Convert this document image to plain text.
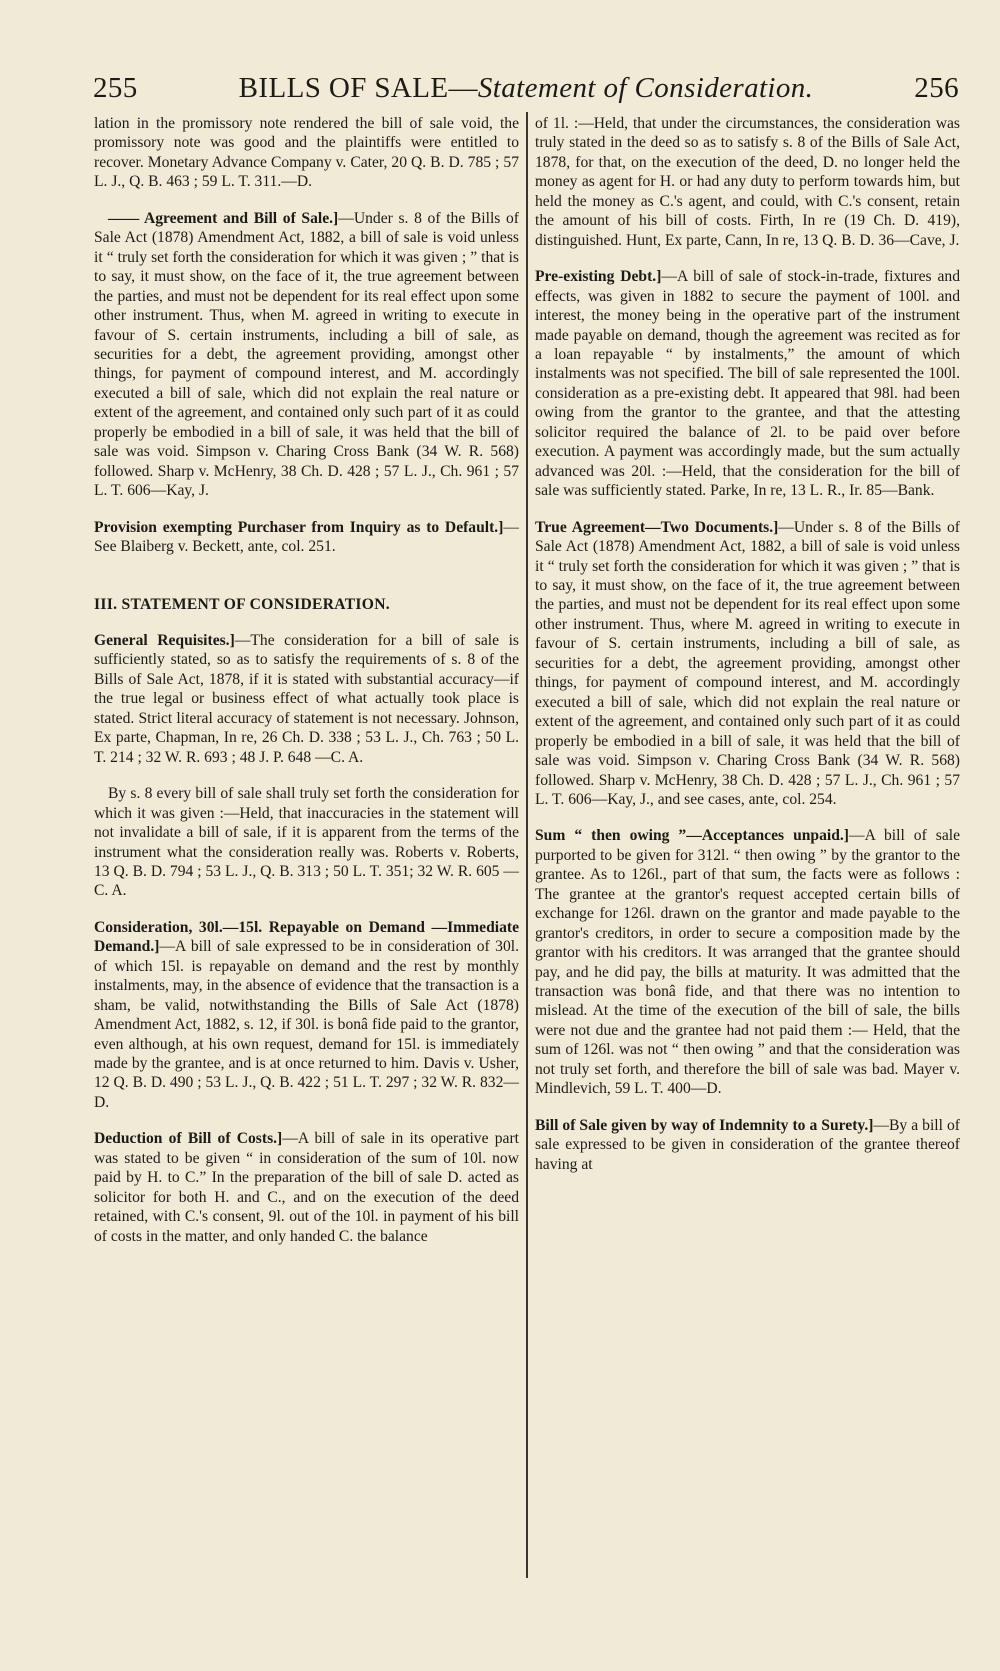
255	BILLS OF SALE—Statement of Consideration.	256

lation in the promissory note rendered the bill of sale void, the promissory note was good and the plaintiffs were entitled to recover. Monetary Advance Company v. Cater, 20 Q. B. D. 785 ; 57 L. J., Q. B. 463 ; 59 L. T. 311.—D.

—— Agreement and Bill of Sale.]—Under s. 8 of the Bills of Sale Act (1878) Amendment Act, 1882, a bill of sale is void unless it “ truly set forth the consideration for which it was given ; ” that is to say, it must show, on the face of it, the true agreement between the parties, and must not be dependent for its real effect upon some other instrument. Thus, when M. agreed in writing to execute in favour of S. certain instruments, including a bill of sale, as securities for a debt, the agreement providing, amongst other things, for payment of compound interest, and M. accordingly executed a bill of sale, which did not explain the real nature or extent of the agreement, and contained only such part of it as could properly be embodied in a bill of sale, it was held that the bill of sale was void. Simpson v. Charing Cross Bank (34 W. R. 568) followed. Sharp v. McHenry, 38 Ch. D. 428 ; 57 L. J., Ch. 961 ; 57 L. T. 606—Kay, J.

Provision exempting Purchaser from Inquiry as to Default.]—See Blaiberg v. Beckett, ante, col. 251.

III. STATEMENT OF CONSIDERATION.

General Requisites.]—The consideration for a bill of sale is sufficiently stated, so as to satisfy the requirements of s. 8 of the Bills of Sale Act, 1878, if it is stated with substantial accuracy—if the true legal or business effect of what actually took place is stated. Strict literal accuracy of statement is not necessary. Johnson, Ex parte, Chapman, In re, 26 Ch. D. 338 ; 53 L. J., Ch. 763 ; 50 L. T. 214 ; 32 W. R. 693 ; 48 J. P. 648 —C. A.

By s. 8 every bill of sale shall truly set forth the consideration for which it was given :—Held, that inaccuracies in the statement will not invalidate a bill of sale, if it is apparent from the terms of the instrument what the consideration really was. Roberts v. Roberts, 13 Q. B. D. 794 ; 53 L. J., Q. B. 313 ; 50 L. T. 351; 32 W. R. 605 —C. A.

Consideration, 30l.—15l. Repayable on Demand —Immediate Demand.]—A bill of sale expressed to be in consideration of 30l. of which 15l. is repayable on demand and the rest by monthly instalments, may, in the absence of evidence that the transaction is a sham, be valid, notwithstanding the Bills of Sale Act (1878) Amendment Act, 1882, s. 12, if 30l. is bonâ fide paid to the grantor, even although, at his own request, demand for 15l. is immediately made by the grantee, and is at once returned to him. Davis v. Usher, 12 Q. B. D. 490 ; 53 L. J., Q. B. 422 ; 51 L. T. 297 ; 32 W. R. 832—D.

Deduction of Bill of Costs.]—A bill of sale in its operative part was stated to be given “ in consideration of the sum of 10l. now paid by H. to C.” In the preparation of the bill of sale D. acted as solicitor for both H. and C., and on the execution of the deed retained, with C.'s consent, 9l. out of the 10l. in payment of his bill of costs in the matter, and only handed C. the balance

of 1l. :—Held, that under the circumstances, the consideration was truly stated in the deed so as to satisfy s. 8 of the Bills of Sale Act, 1878, for that, on the execution of the deed, D. no longer held the money as agent for H. or had any duty to perform towards him, but held the money as C.'s agent, and could, with C.'s consent, retain the amount of his bill of costs. Firth, In re (19 Ch. D. 419), distinguished. Hunt, Ex parte, Cann, In re, 13 Q. B. D. 36—Cave, J.

Pre-existing Debt.]—A bill of sale of stock-in-trade, fixtures and effects, was given in 1882 to secure the payment of 100l. and interest, the money being in the operative part of the instrument made payable on demand, though the agreement was recited as for a loan repayable “ by instalments,” the amount of which instalments was not specified. The bill of sale represented the 100l. consideration as a pre-existing debt. It appeared that 98l. had been owing from the grantor to the grantee, and that the attesting solicitor required the balance of 2l. to be paid over before execution. A payment was accordingly made, but the sum actually advanced was 20l. :—Held, that the consideration for the bill of sale was sufficiently stated. Parke, In re, 13 L. R., Ir. 85—Bank.

True Agreement—Two Documents.]—Under s. 8 of the Bills of Sale Act (1878) Amendment Act, 1882, a bill of sale is void unless it “ truly set forth the consideration for which it was given ; ” that is to say, it must show, on the face of it, the true agreement between the parties, and must not be dependent for its real effect upon some other instrument. Thus, where M. agreed in writing to execute in favour of S. certain instruments, including a bill of sale, as securities for a debt, the agreement providing, amongst other things, for payment of compound interest, and M. accordingly executed a bill of sale, which did not explain the real nature or extent of the agreement, and contained only such part of it as could properly be embodied in a bill of sale, it was held that the bill of sale was void. Simpson v. Charing Cross Bank (34 W. R. 568) followed. Sharp v. McHenry, 38 Ch. D. 428 ; 57 L. J., Ch. 961 ; 57 L. T. 606—Kay, J., and see cases, ante, col. 254.

Sum “ then owing ”—Acceptances unpaid.]—A bill of sale purported to be given for 312l. “ then owing ” by the grantor to the grantee. As to 126l., part of that sum, the facts were as follows : The grantee at the grantor's request accepted certain bills of exchange for 126l. drawn on the grantor and made payable to the grantor's creditors, in order to secure a composition made by the grantor with his creditors. It was arranged that the grantee should pay, and he did pay, the bills at maturity. It was admitted that the transaction was bonâ fide, and that there was no intention to mislead. At the time of the execution of the bill of sale, the bills were not due and the grantee had not paid them :— Held, that the sum of 126l. was not “ then owing ” and that the consideration was not truly set forth, and therefore the bill of sale was bad. Mayer v. Mindlevich, 59 L. T. 400—D.

Bill of Sale given by way of Indemnity to a Surety.]—By a bill of sale expressed to be given in consideration of the grantee thereof having at
